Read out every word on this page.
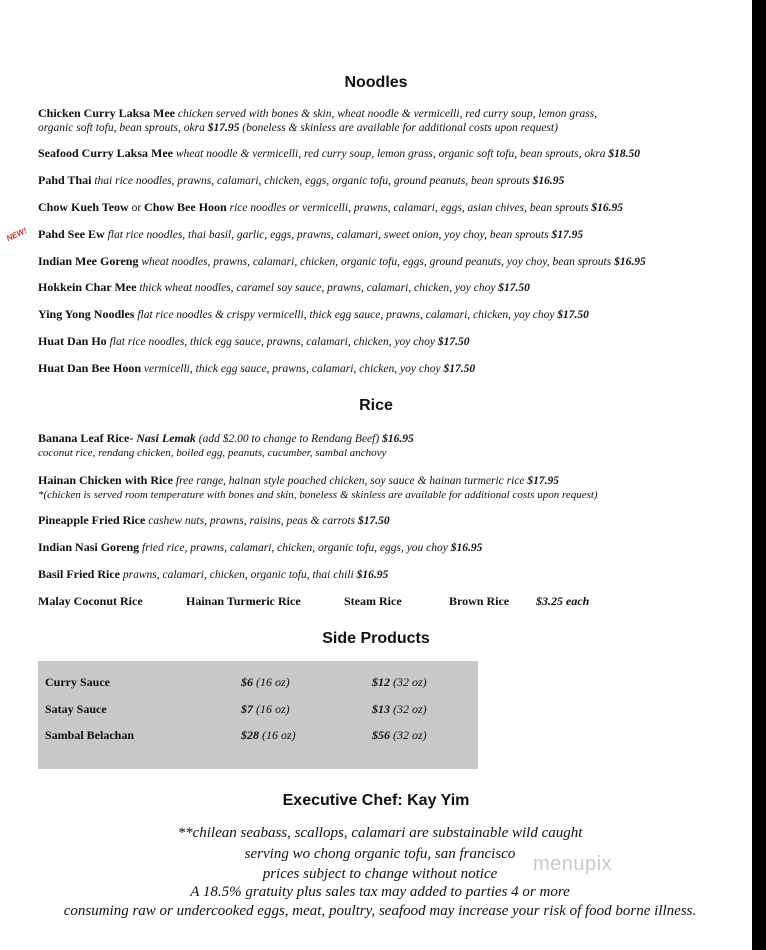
Noodles
Chicken Curry Laksa Mee chicken served with bones & skin, wheat noodle & vermicelli, red curry soup, lemon grass,
organic soft tofu, bean sprouts, okra $17.95 (boneless & skinless are available for additional costs upon request)
Seafood Curry Laksa Mee wheat noodle & vermicelli, red curry soup, lemon grass, organic soft tofu, bean sprouts, okra $18.50
Pahd Thai thai rice noodles, prawns, calamari, chicken, eggs, organic tofu, ground peanuts, bean sprouts $16.95
Chow Kueh Teow or Chow Bee Hoon rice noodles or vermicelli, prawns, calamari, eggs, asian chives, bean sprouts $16.95
NEW! Pahd See Ew flat rice noodles, thai basil, garlic, eggs, prawns, calamari, sweet onion, yoy choy, bean sprouts $17.95
Indian Mee Goreng wheat noodles, prawns, calamari, chicken, organic tofu, eggs, ground peanuts, yoy choy, bean sprouts $16.95
Hokkein Char Mee thick wheat noodles, caramel soy sauce, prawns, calamari, chicken, yoy choy $17.50
Ying Yong Noodles flat rice noodles & crispy vermicelli, thick egg sauce, prawns, calamari, chicken, yoy choy $17.50
Huat Dan Ho flat rice noodles, thick egg sauce, prawns, calamari, chicken, yoy choy $17.50
Huat Dan Bee Hoon vermicelli, thick egg sauce, prawns, calamari, chicken, yoy choy $17.50
Rice
Banana Leaf Rice- Nasi Lemak (add $2.00 to change to Rendang Beef) $16.95
coconut rice, rendang chicken, boiled egg, peanuts, cucumber, sambal anchovy
Hainan Chicken with Rice free range, hainan style poached chicken, soy sauce & hainan turmeric rice $17.95
*(chicken is served room temperature with bones and skin, boneless & skinless are available for additional costs upon request)
Pineapple Fried Rice cashew nuts, prawns, raisins, peas & carrots $17.50
Indian Nasi Goreng fried rice, prawns, calamari, chicken, organic tofu, eggs, you choy $16.95
Basil Fried Rice prawns, calamari, chicken, organic tofu, thai chili $16.95
Malay Coconut Rice	Hainan Turmeric Rice	Steam Rice	Brown Rice $3.25 each
Side Products
Curry Sauce	$6 (16 oz)	$12 (32 oz)
Satay Sauce	$7 (16 oz)	$13 (32 oz)
Sambal Belachan	$28 (16 oz)	$56 (32 oz)
Executive Chef: Kay Yim
**chilean seabass, scallops, calamari are substainable wild caught
serving wo chong organic tofu, san francisco
prices subject to change without notice
A 18.5% gratuity plus sales tax may added to parties 4 or more
consuming raw or undercooked eggs, meat, poultry, seafood may increase your risk of food borne illness.
menupix
